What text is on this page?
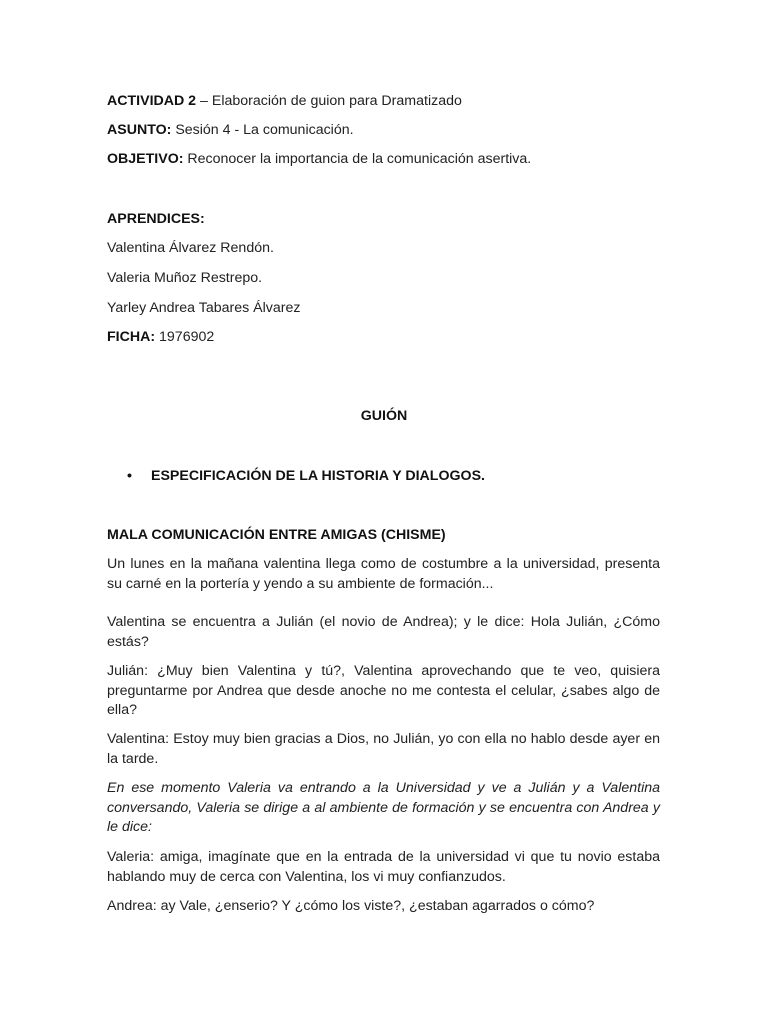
ACTIVIDAD 2 – Elaboración de guion para Dramatizado
ASUNTO: Sesión 4 - La comunicación.
OBJETIVO: Reconocer la importancia de la comunicación asertiva.
APRENDICES:
Valentina Álvarez Rendón.
Valeria Muñoz Restrepo.
Yarley Andrea Tabares Álvarez
FICHA: 1976902
GUIÓN
• ESPECIFICACIÓN DE LA HISTORIA Y DIALOGOS.
MALA COMUNICACIÓN ENTRE AMIGAS (CHISME)
Un lunes en la mañana valentina llega como de costumbre a la universidad, presenta su carné en la portería y yendo a su ambiente de formación...
Valentina se encuentra a Julián (el novio de Andrea); y le dice: Hola Julián, ¿Cómo estás?
Julián: ¿Muy bien Valentina y tú?, Valentina aprovechando que te veo, quisiera preguntarme por Andrea que desde anoche no me contesta el celular, ¿sabes algo de ella?
Valentina: Estoy muy bien gracias a Dios, no Julián, yo con ella no hablo desde ayer en la tarde.
En ese momento Valeria va entrando a la Universidad y ve a Julián y a Valentina conversando, Valeria se dirige a al ambiente de formación y se encuentra con Andrea y le dice:
Valeria: amiga, imagínate que en la entrada de la universidad vi que tu novio estaba hablando muy de cerca con Valentina, los vi muy confianzudos.
Andrea: ay Vale, ¿enserio? Y ¿cómo los viste?, ¿estaban agarrados o cómo?
